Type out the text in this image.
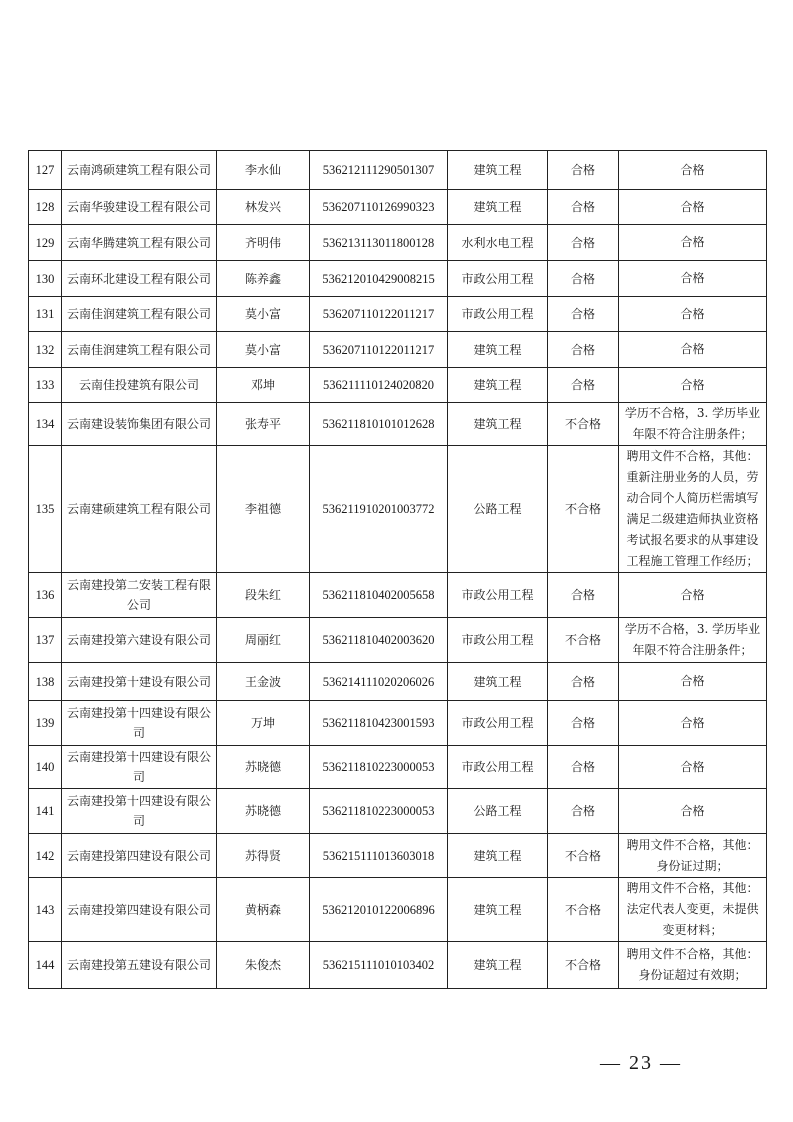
127	云南鸿硕建筑工程有限公司	李水仙	536212111290501307	建筑工程	合格	合格
128	云南华骏建设工程有限公司	林发兴	536207110126990323	建筑工程	合格	合格
129	云南华腾建筑工程有限公司	齐明伟	536213113011800128	水利水电工程	合格	合格
130	云南环北建设工程有限公司	陈养鑫	536212010429008215	市政公用工程	合格	合格
131	云南佳润建筑工程有限公司	莫小富	536207110122011217	市政公用工程	合格	合格
132	云南佳润建筑工程有限公司	莫小富	536207110122011217	建筑工程	合格	合格
133	云南佳投建筑有限公司	邓坤	536211110124020820	建筑工程	合格	合格
134	云南建设装饰集团有限公司	张寿平	536211810101012628	建筑工程	不合格	学历不合格，3. 学历毕业年限不符合注册条件；
135	云南建硕建筑工程有限公司	李祖德	536211910201003772	公路工程	不合格	聘用文件不合格，其他：重新注册业务的人员，劳动合同个人简历栏需填写满足二级建造师执业资格考试报名要求的从事建设工程施工管理工作经历；
136	云南建投第二安装工程有限公司	段朱红	536211810402005658	市政公用工程	合格	合格
137	云南建投第六建设有限公司	周丽红	536211810402003620	市政公用工程	不合格	学历不合格，3. 学历毕业年限不符合注册条件；
138	云南建投第十建设有限公司	王金波	536214111020206026	建筑工程	合格	合格
139	云南建投第十四建设有限公司	万坤	536211810423001593	市政公用工程	合格	合格
140	云南建投第十四建设有限公司	苏晓德	536211810223000053	市政公用工程	合格	合格
141	云南建投第十四建设有限公司	苏晓德	536211810223000053	公路工程	合格	合格
142	云南建投第四建设有限公司	苏得贤	536215111013603018	建筑工程	不合格	聘用文件不合格，其他：身份证过期；
143	云南建投第四建设有限公司	黄柄森	536212010122006896	建筑工程	不合格	聘用文件不合格，其他：法定代表人变更，未提供变更材料；
144	云南建投第五建设有限公司	朱俊杰	536215111010103402	建筑工程	不合格	聘用文件不合格，其他：身份证超过有效期；
— 23 —
